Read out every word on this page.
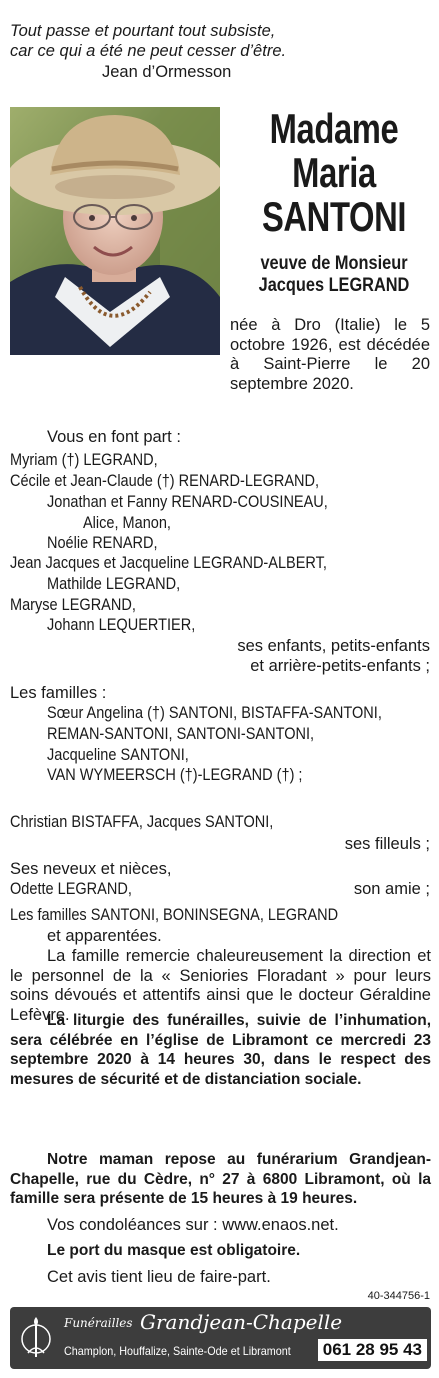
Tout passe et pourtant tout subsiste,
car ce qui a été ne peut cesser d’être.
Jean d’Ormesson
Madame
Maria
SANTONI
veuve de Monsieur
Jacques LEGRAND
née à Dro (Italie) le 5 octobre 1926, est décédée à Saint-Pierre le 20 septembre 2020.
Vous en font part :
Myriam (†) LEGRAND,
Cécile et Jean-Claude (†) RENARD-LEGRAND,
Jonathan et Fanny RENARD-COUSINEAU,
Alice, Manon,
Noélie RENARD,
Jean Jacques et Jacqueline LEGRAND-ALBERT,
Mathilde LEGRAND,
Maryse LEGRAND,
Johann LEQUERTIER,
ses enfants, petits-enfants
et arrière-petits-enfants ;
Les familles :
Sœur Angelina (†) SANTONI, BISTAFFA-SANTONI,
REMAN-SANTONI, SANTONI-SANTONI,
Jacqueline SANTONI,
VAN WYMEERSCH (†)-LEGRAND (†) ;
Christian BISTAFFA, Jacques SANTONI,
ses filleuls ;
Ses neveux et nièces,
Odette LEGRAND,	son amie ;
Les familles SANTONI, BONINSEGNA, LEGRAND
et apparentées.
La famille remercie chaleureusement la direction et le personnel de la « Seniories Floradant » pour leurs soins dévoués et attentifs ainsi que le docteur Géraldine Lefèvre.
La liturgie des funérailles, suivie de l’inhumation, sera célébrée en l’église de Libramont ce mercredi 23 septembre 2020 à 14 heures 30, dans le respect des mesures de sécurité et de distanciation sociale.
Notre maman repose au funérarium Grandjean-Chapelle, rue du Cèdre, n° 27 à 6800 Libramont, où la famille sera présente de 15 heures à 19 heures.
Vos condoléances sur : www.enaos.net.
Le port du masque est obligatoire.
Cet avis tient lieu de faire-part.
40-344756-1
Funérailles Grandjean-Chapelle
Champlon, Houffalize, Sainte-Ode et Libramont 061 28 95 43
